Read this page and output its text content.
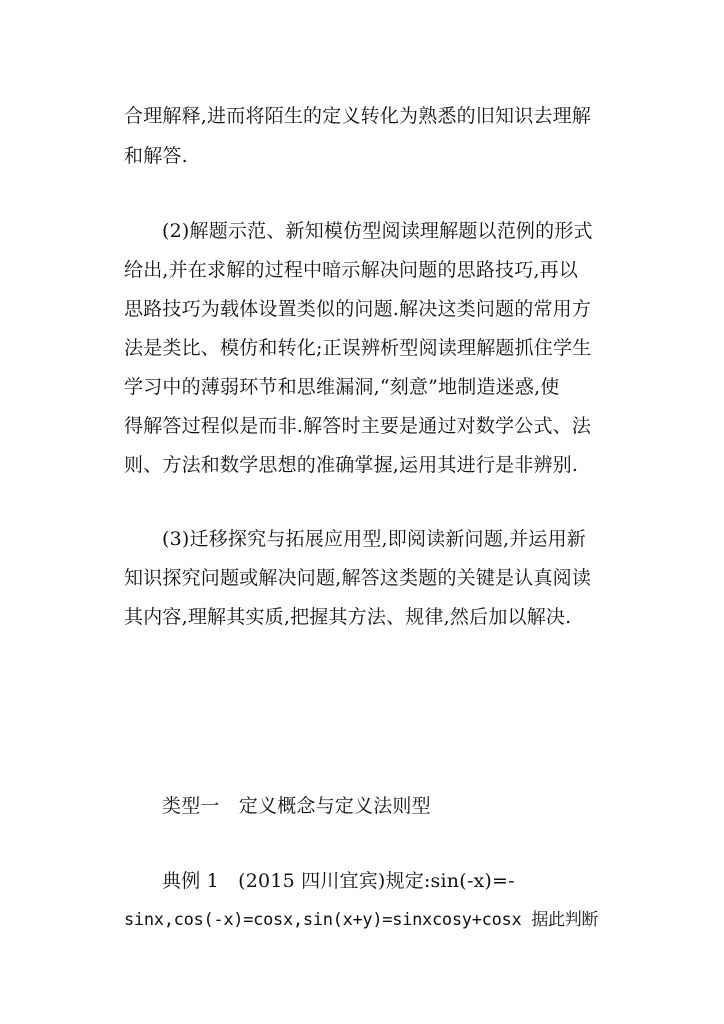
合理解释,进而将陌生的定义转化为熟悉的旧知识去理解
和解答.
(2)解题示范、新知模仿型阅读理解题以范例的形式
给出,并在求解的过程中暗示解决问题的思路技巧,再以
思路技巧为载体设置类似的问题.解决这类问题的常用方
法是类比、模仿和转化;正误辨析型阅读理解题抓住学生
学习中的薄弱环节和思维漏洞,“刻意”地制造迷惑,使
得解答过程似是而非.解答时主要是通过对数学公式、法
则、方法和数学思想的准确掌握,运用其进行是非辨别.
(3)迁移探究与拓展应用型,即阅读新问题,并运用新
知识探究问题或解决问题,解答这类题的关键是认真阅读
其内容,理解其实质,把握其方法、规律,然后加以解决.
类型一　定义概念与定义法则型
典例 1　(2015 四川宜宾)规定:sin(-x)=-
sinx,cos(-x)=cosx,sin(x+y)=sinxcosy+cosx 据此判断
